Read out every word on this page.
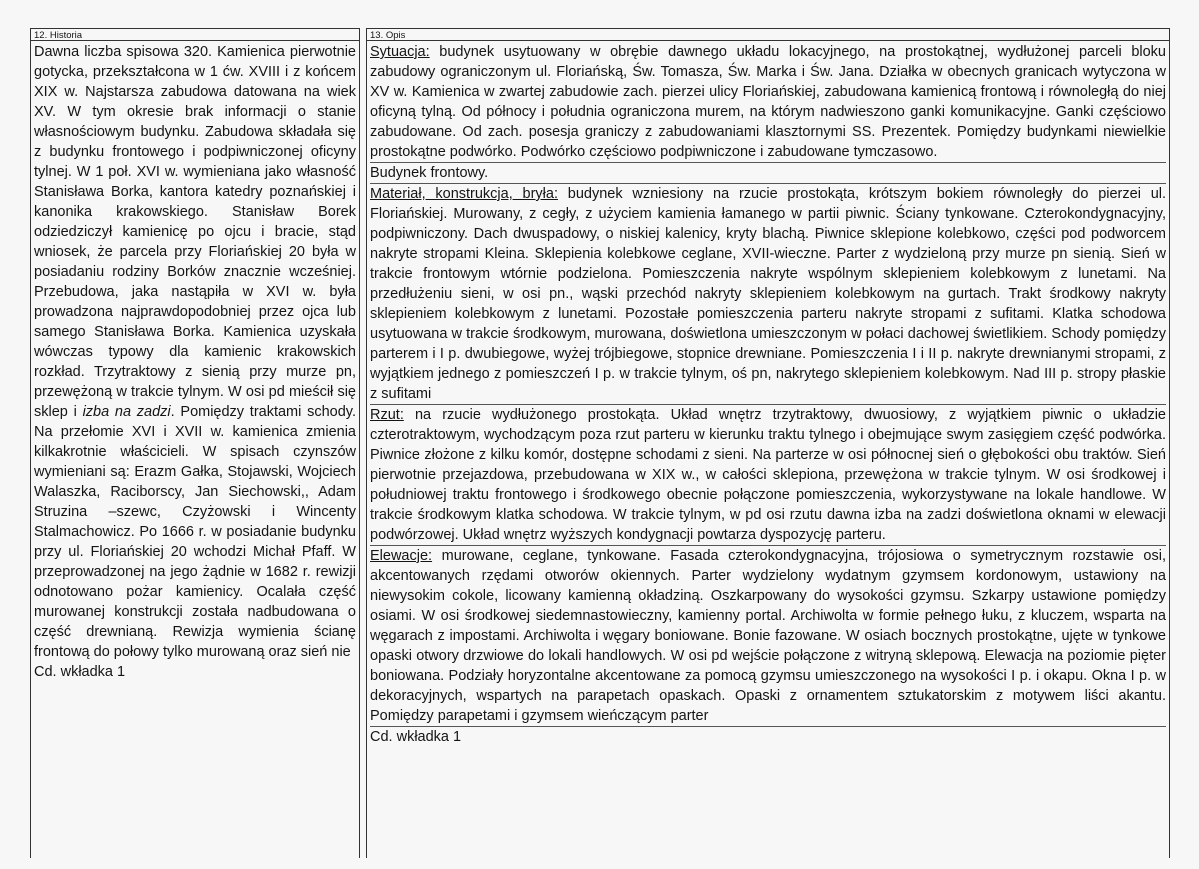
12. Historia
Dawna liczba spisowa 320. Kamienica pierwotnie gotycka, przekształcona w 1 ćw. XVIII i z końcem XIX w. Najstarsza zabudowa datowana na wiek XV. W tym okresie brak informacji o stanie własnościowym budynku. Zabudowa składała się z budynku frontowego i podpiwniczonej oficyny tylnej. W 1 poł. XVI w. wymieniana jako własność Stanisława Borka, kantora katedry poznańskiej i kanonika krakowskiego. Stanisław Borek odziedziczył kamienicę po ojcu i bracie, stąd wniosek, że parcela przy Floriańskiej 20 była w posiadaniu rodziny Borków znacznie wcześniej. Przebudowa, jaka nastąpiła w XVI w. była prowadzona najprawdopodobniej przez ojca lub samego Stanisława Borka. Kamienica uzyskała wówczas typowy dla kamienic krakowskich rozkład. Trzytraktowy z sienią przy murze pn, przewężoną w trakcie tylnym. W osi pd mieścił się sklep i izba na zadzi. Pomiędzy traktami schody. Na przełomie XVI i XVII w. kamienica zmienia kilkakrotnie właścicieli. W spisach czynszów wymieniani są: Erazm Gałka, Stojawski, Wojciech Walaszka, Raciborscy, Jan Siechowski,, Adam Struzina –szewc, Czyżowski i Wincenty Stalmachowicz. Po 1666 r. w posiadanie budynku przy ul. Floriańskiej 20 wchodzi Michał Pfaff. W przeprowadzonej na jego żądnie w 1682 r. rewizji odnotowano pożar kamienicy. Ocalała część murowanej konstrukcji została nadbudowana o część drewnianą. Rewizja wymienia ścianę frontową do połowy tylko murowaną oraz sień nie
Cd. wkładka 1
13. Opis
Sytuacja: budynek usytuowany w obrębie dawnego układu lokacyjnego, na prostokątnej, wydłużonej parceli bloku zabudowy ograniczonym ul. Floriańską, Św. Tomasza, Św. Marka i Św. Jana. Działka w obecnych granicach wytyczona w XV w. Kamienica w zwartej zabudowie zach. pierzei ulicy Floriańskiej, zabudowana kamienicą frontową i równoległą do niej oficyną tylną. Od północy i południa ograniczona murem, na którym nadwieszono ganki komunikacyjne. Ganki częściowo zabudowane. Od zach. posesja graniczy z zabudowaniami klasztornymi SS. Prezentek. Pomiędzy budynkami niewielkie prostokątne podwórko. Podwórko częściowo podpiwniczone i zabudowane tymczasowo.
Budynek frontowy.
Materiał, konstrukcja, bryła: budynek wzniesiony na rzucie prostokąta, krótszym bokiem równoległy do pierzei ul. Floriańskiej. Murowany, z cegły, z użyciem kamienia łamanego w partii piwnic. Ściany tynkowane. Czterokondygnacyjny, podpiwniczony. Dach dwuspadowy, o niskiej kalenicy, kryty blachą. Piwnice sklepione kolebkowo, części pod podworcem nakryte stropami Kleina. Sklepienia kolebkowe ceglane, XVII-wieczne. Parter z wydzieloną przy murze pn sienią. Sień w trakcie frontowym wtórnie podzielona. Pomieszczenia nakryte wspólnym sklepieniem kolebkowym z lunetami. Na przedłużeniu sieni, w osi pn., wąski przechód nakryty sklepieniem kolebkowym na gurtach. Trakt środkowy nakryty sklepieniem kolebkowym z lunetami. Pozostałe pomieszczenia parteru nakryte stropami z sufitami. Klatka schodowa usytuowana w trakcie środkowym, murowana, doświetlona umieszczonym w połaci dachowej świetlikiem. Schody pomiędzy parterem i I p. dwubiegowe, wyżej trójbiegowe, stopnice drewniane. Pomieszczenia I i II p. nakryte drewnianymi stropami, z wyjątkiem jednego z pomieszczeń I p. w trakcie tylnym, oś pn, nakrytego sklepieniem kolebkowym. Nad III p. stropy płaskie z sufitami
Rzut: na rzucie wydłużonego prostokąta. Układ wnętrz trzytraktowy, dwuosiowy, z wyjątkiem piwnic o układzie czterotraktowym, wychodzącym poza rzut parteru w kierunku traktu tylnego i obejmujące swym zasięgiem część podwórka. Piwnice złożone z kilku komór, dostępne schodami z sieni. Na parterze w osi północnej sień o głębokości obu traktów. Sień pierwotnie przejazdowa, przebudowana w XIX w., w całości sklepiona, przewężona w trakcie tylnym. W osi środkowej i południowej traktu frontowego i środkowego obecnie połączone pomieszczenia, wykorzystywane na lokale handlowe. W trakcie środkowym klatka schodowa. W trakcie tylnym, w pd osi rzutu dawna izba na zadzi doświetlona oknami w elewacji podwórzowej. Układ wnętrz wyższych kondygnacji powtarza dyspozycję parteru.
Elewacje: murowane, ceglane, tynkowane. Fasada czterokondygnacyjna, trójosiowa o symetrycznym rozstawie osi, akcentowanych rzędami otworów okiennych. Parter wydzielony wydatnym gzymsem kordonowym, ustawiony na niewysokim cokole, licowany kamienną okładziną. Oszkarpowany do wysokości gzymsu. Szkarpy ustawione pomiędzy osiami. W osi środkowej siedemnastowieczny, kamienny portal. Archiwolta w formie pełnego łuku, z kluczem, wsparta na węgarach z impostami. Archiwolta i węgary boniowane. Bonie fazowane. W osiach bocznych prostokątne, ujęte w tynkowe opaski otwory drzwiowe do lokali handlowych. W osi pd wejście połączone z witryną sklepową. Elewacja na poziomie pięter boniowana. Podziały horyzontalne akcentowane za pomocą gzymsu umieszczonego na wysokości I p. i okapu. Okna I p. w dekoracyjnych, wspartych na parapetach opaskach. Opaski z ornamentem sztukatorskim z motywem liści akantu. Pomiędzy parapetami i gzymsem wieńczącym parter
Cd. wkładka 1
